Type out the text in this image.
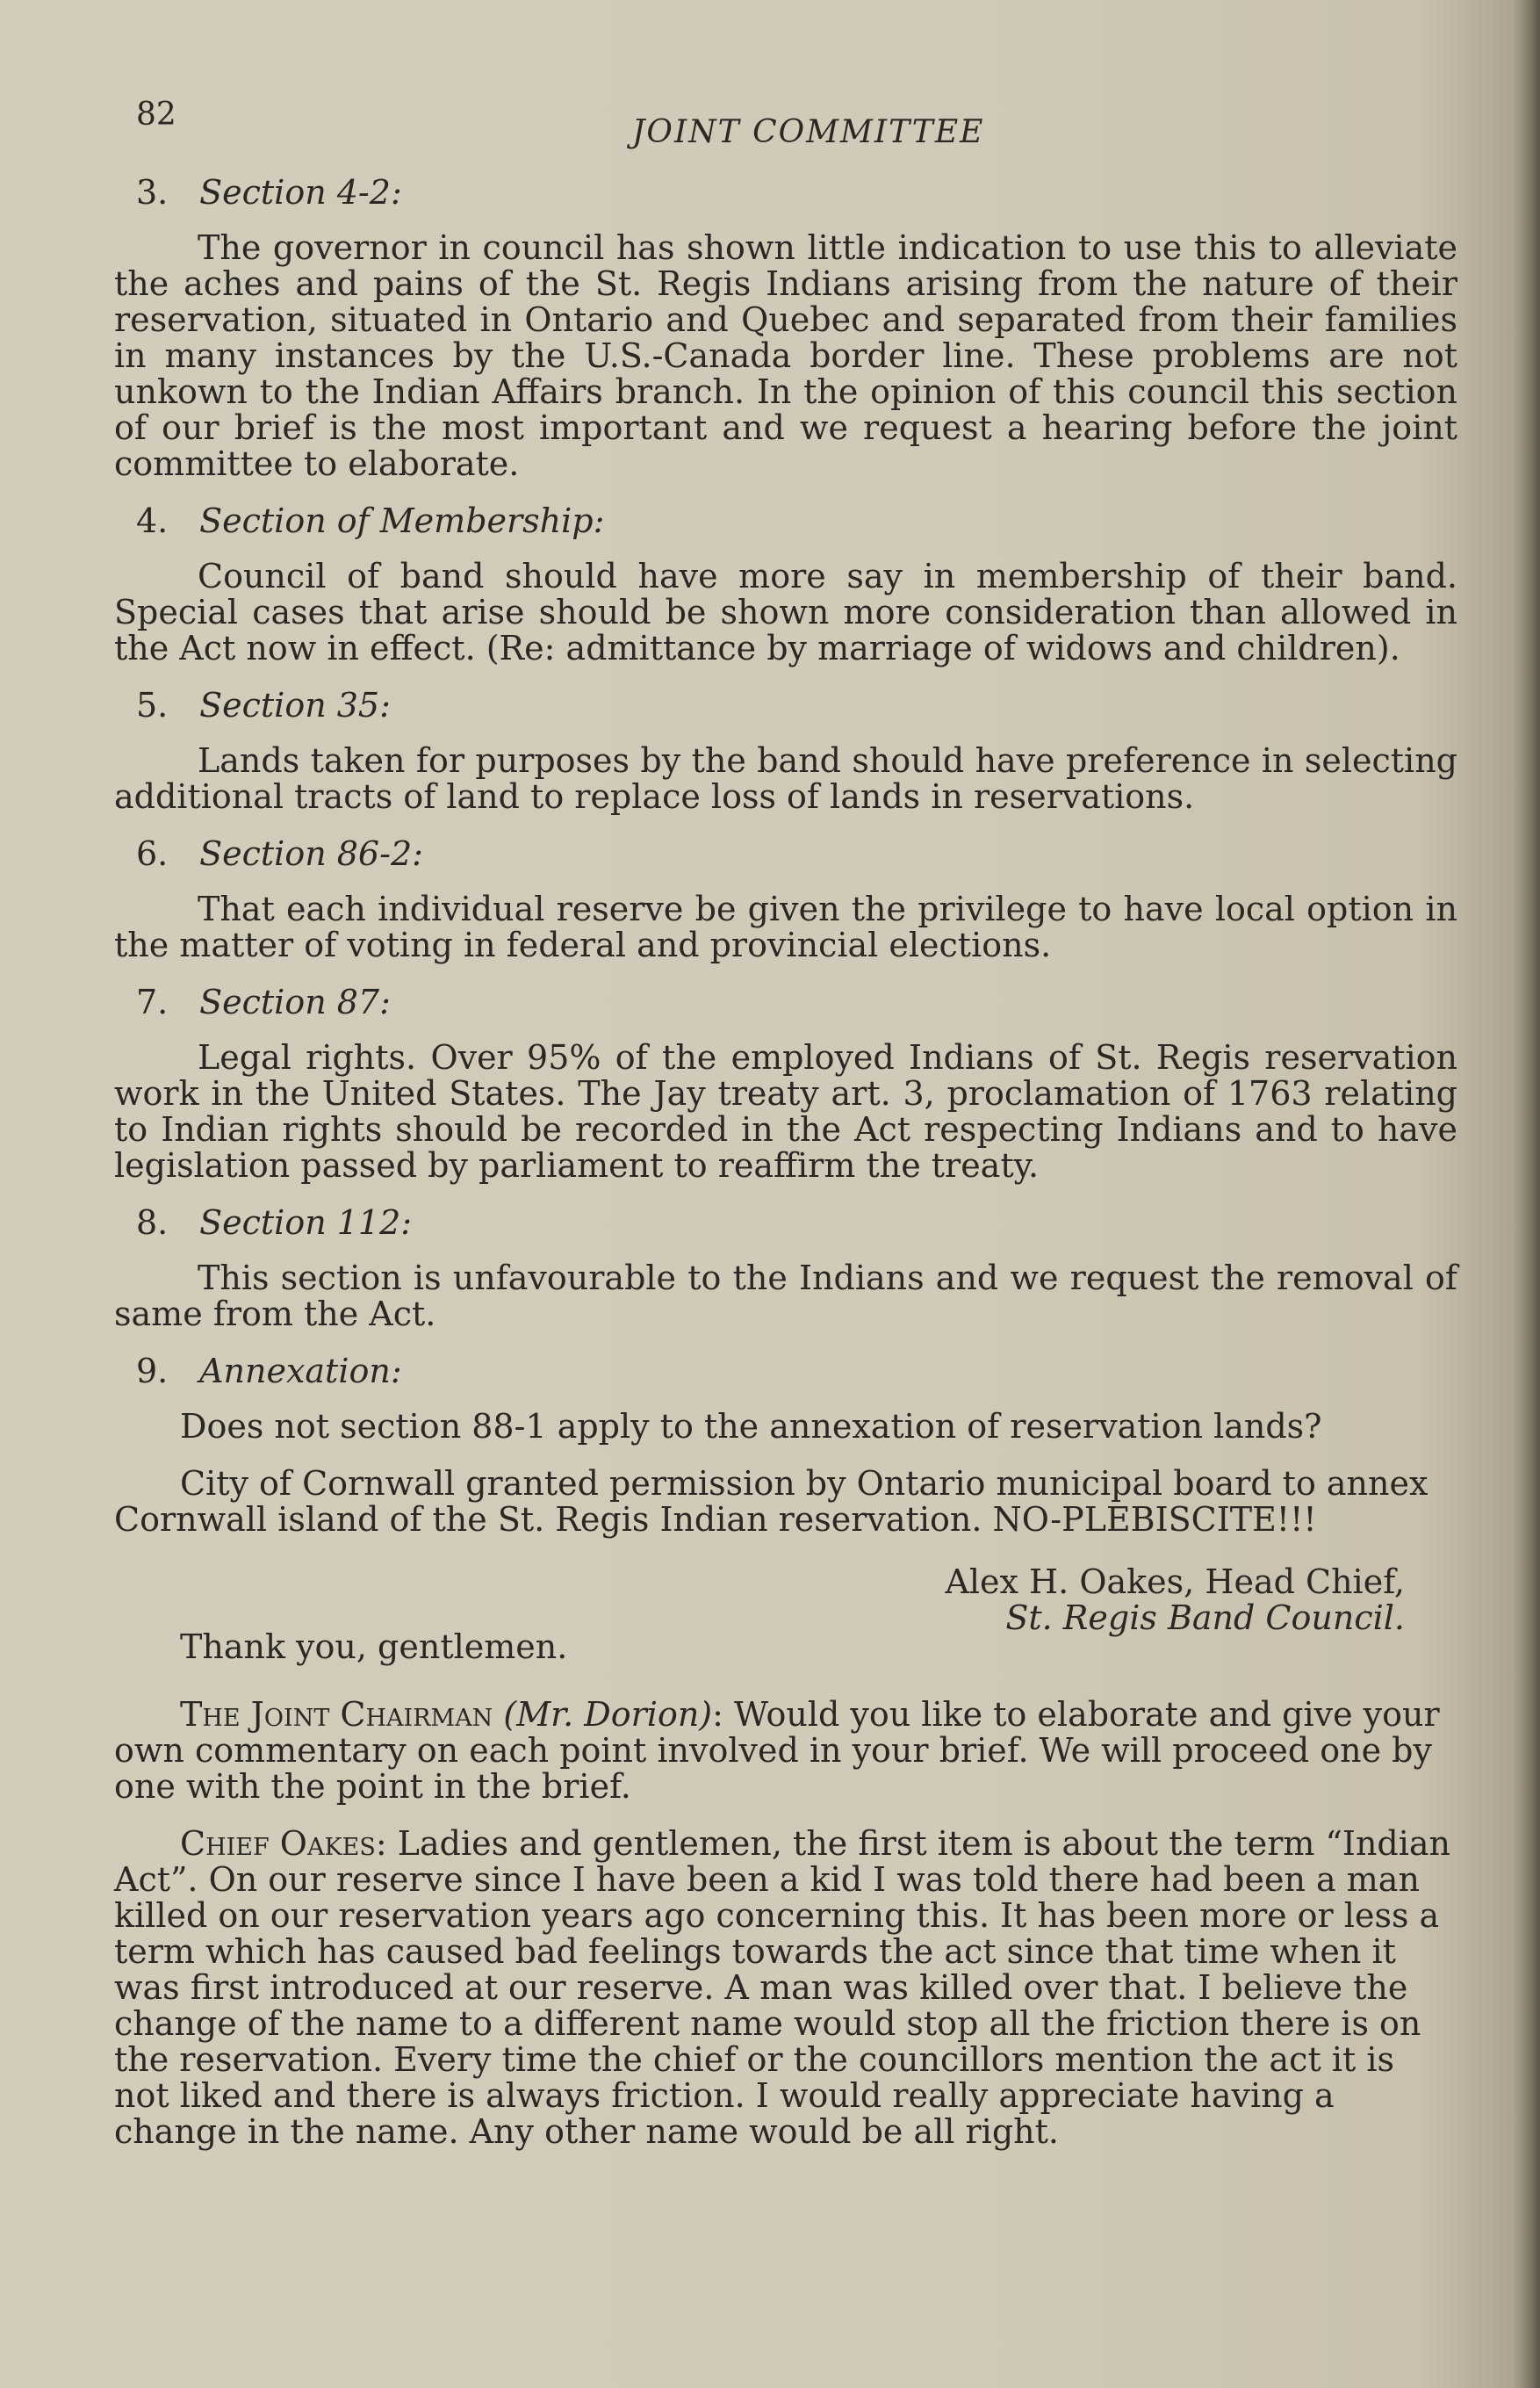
82	JOINT COMMITTEE
3. Section 4-2:

The governor in council has shown little indication to use this to alleviate the aches and pains of the St. Regis Indians arising from the nature of their reservation, situated in Ontario and Quebec and separated from their families in many instances by the U.S.-Canada border line. These problems are not unkown to the Indian Affairs branch. In the opinion of this council this section of our brief is the most important and we request a hearing before the joint committee to elaborate.

4. Section of Membership:

Council of band should have more say in membership of their band. Special cases that arise should be shown more consideration than allowed in the Act now in effect. (Re: admittance by marriage of widows and children).

5. Section 35:

Lands taken for purposes by the band should have preference in selecting additional tracts of land to replace loss of lands in reservations.

6. Section 86-2:

That each individual reserve be given the privilege to have local option in the matter of voting in federal and provincial elections.

7. Section 87:

Legal rights. Over 95% of the employed Indians of St. Regis reservation work in the United States. The Jay treaty art. 3, proclamation of 1763 relating to Indian rights should be recorded in the Act respecting Indians and to have legislation passed by parliament to reaffirm the treaty.

8. Section 112:

This section is unfavourable to the Indians and we request the removal of same from the Act.

9. Annexation:

Does not section 88-1 apply to the annexation of reservation lands?

City of Cornwall granted permission by Ontario municipal board to annex Cornwall island of the St. Regis Indian reservation. NO-PLEBISCITE!!!

Alex H. Oakes, Head Chief,
St. Regis Band Council.

Thank you, gentlemen.

The Joint Chairman (Mr. Dorion): Would you like to elaborate and give your own commentary on each point involved in your brief. We will proceed one by one with the point in the brief.

Chief Oakes: Ladies and gentlemen, the first item is about the term “Indian Act”. On our reserve since I have been a kid I was told there had been a man killed on our reservation years ago concerning this. It has been more or less a term which has caused bad feelings towards the act since that time when it was first introduced at our reserve. A man was killed over that. I believe the change of the name to a different name would stop all the friction there is on the reservation. Every time the chief or the councillors mention the act it is not liked and there is always friction. I would really appreciate having a change in the name. Any other name would be all right.
